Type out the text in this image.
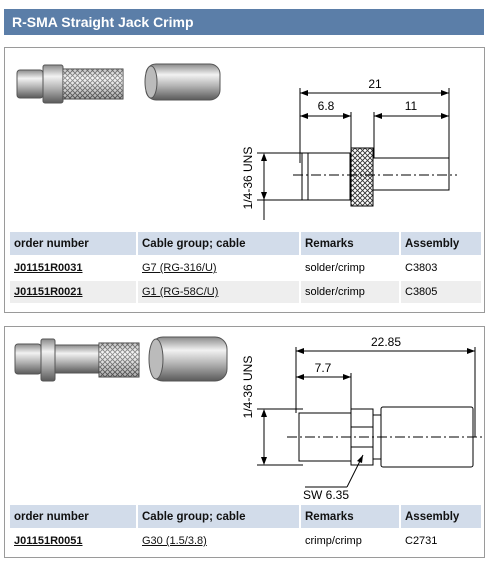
R-SMA Straight Jack Crimp
1/4-36 UNS
21
6.8	11
order number	Cable group; cable	Remarks	Assembly
J01151R0031	G7 (RG-316/U)	solder/crimp	C3803
J01151R0021	G1 (RG-58C/U)	solder/crimp	C3805
1/4-36 UNS
22.85
7.7
SW 6.35
order number	Cable group; cable	Remarks	Assembly
J01151R0051	G30 (1.5/3.8)	crimp/crimp	C2731
